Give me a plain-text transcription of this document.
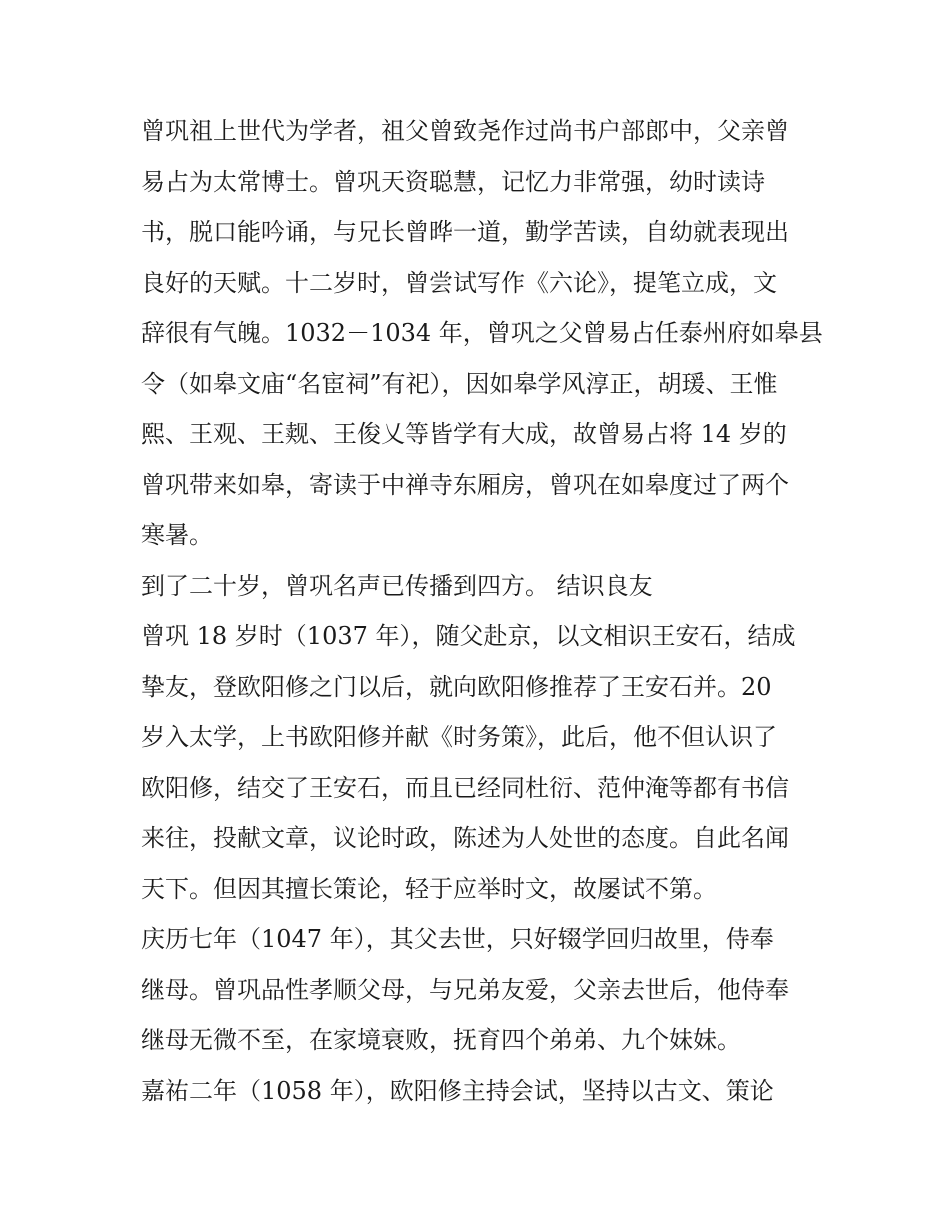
曾巩祖上世代为学者，祖父曾致尧作过尚书户部郎中，父亲曾
易占为太常博士。曾巩天资聪慧，记忆力非常强，幼时读诗
书，脱口能吟诵，与兄长曾晔一道，勤学苦读，自幼就表现出
良好的天赋。十二岁时，曾尝试写作《六论》，提笔立成，文
辞很有气魄。1032－1034 年，曾巩之父曾易占任泰州府如皋县
令（如皋文庙“名宦祠”有祀），因如皋学风淳正，胡瑗、王惟
熙、王观、王觌、王俊乂等皆学有大成，故曾易占将 14 岁的
曾巩带来如皋，寄读于中禅寺东厢房，曾巩在如皋度过了两个
寒暑。
到了二十岁，曾巩名声已传播到四方。 结识良友
曾巩 18 岁时（1037 年），随父赴京，以文相识王安石，结成
挚友，登欧阳修之门以后，就向欧阳修推荐了王安石并。20
岁入太学，上书欧阳修并献《时务策》，此后，他不但认识了
欧阳修，结交了王安石，而且已经同杜衍、范仲淹等都有书信
来往，投献文章，议论时政，陈述为人处世的态度。自此名闻
天下。但因其擅长策论，轻于应举时文，故屡试不第。
庆历七年（1047 年），其父去世，只好辍学回归故里，侍奉
继母。曾巩品性孝顺父母，与兄弟友爱，父亲去世后，他侍奉
继母无微不至，在家境衰败，抚育四个弟弟、九个妹妹。
嘉祐二年（1058 年），欧阳修主持会试，坚持以古文、策论
